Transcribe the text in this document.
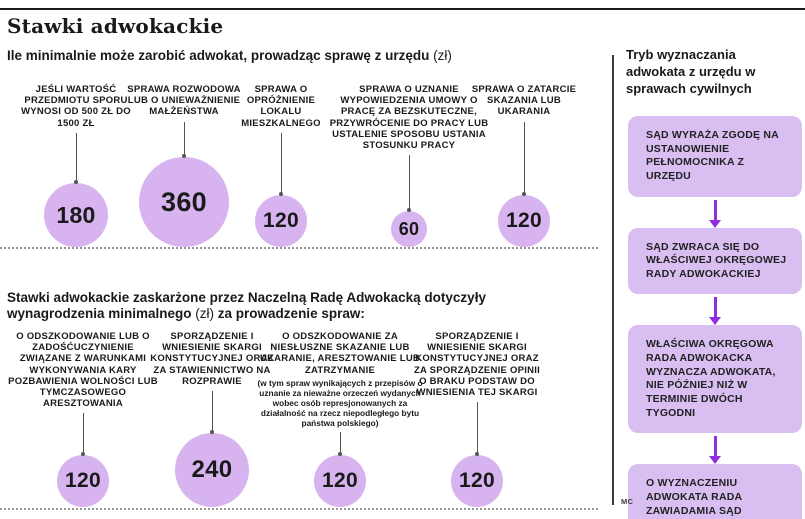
Stawki adwokackie
Ile minimalnie może zarobić adwokat, prowadząc sprawę z urzędu (zł)
Stawki adwokackie zaskarżone przez Naczelną Radę Adwokacką dotyczyły wynagrodzenia minimalnego (zł) za prowadzenie spraw:
JEŚLI WARTOŚĆ PRZEDMIOTU SPORU WYNOSI OD 500 ZŁ DO 1500 ZŁ
180
SPRAWA ROZWODOWA LUB O UNIEWAŻNIENIE MAŁŻEŃSTWA
360
SPRAWA O OPRÓŻNIENIE LOKALU MIESZKALNEGO
120
SPRAWA O UZNANIE WYPOWIEDZENIA UMOWY O PRACĘ ZA BEZSKUTECZNE, PRZYWRÓCENIE DO PRACY LUB USTALENIE SPOSOBU USTANIA STOSUNKU PRACY
60
SPRAWA O ZATARCIE SKAZANIA LUB UKARANIA
120
O ODSZKODOWANIE LUB O ZADOŚĆUCZYNIENIE ZWIĄZANE Z WARUNKAMI WYKONYWANIA KARY POZBAWIENIA WOLNOŚCI LUB TYMCZASOWEGO ARESZTOWANIA
120
SPORZĄDZENIE I WNIESIENIE SKARGI KONSTYTUCYJNEJ ORAZ ZA STAWIENNICTWO NA ROZPRAWIE
240
O ODSZKODOWANIE ZA NIESŁUSZNE SKAZANIE LUB UKARANIE, ARESZTOWANIE LUB ZATRZYMANIE
(w tym spraw wynikających z przepisów o uznanie za nieważne orzeczeń wydanych wobec osób represjonowanych za działalność na rzecz niepodległego bytu państwa polskiego)
120
SPORZĄDZENIE I WNIESIENIE SKARGI KONSTYTUCYJNEJ ORAZ ZA SPORZĄDZENIE OPINII O BRAKU PODSTAW DO WNIESIENIA TEJ SKARGI
120
Tryb wyznaczania adwokata z urzędu w sprawach cywilnych
SĄD WYRAŻA ZGODĘ NA USTANOWIENIE PEŁNOMOCNIKA Z URZĘDU
SĄD ZWRACA SIĘ DO WŁAŚCIWEJ OKRĘGOWEJ RADY ADWOKACKIEJ
WŁAŚCIWA OKRĘGOWA RADA ADWOKACKA WYZNACZA ADWOKATA, NIE PÓŹNIEJ NIŻ W TERMINIE DWÓCH TYGODNI
O WYZNACZENIU ADWOKATA RADA ZAWIADAMIA SĄD
MC
